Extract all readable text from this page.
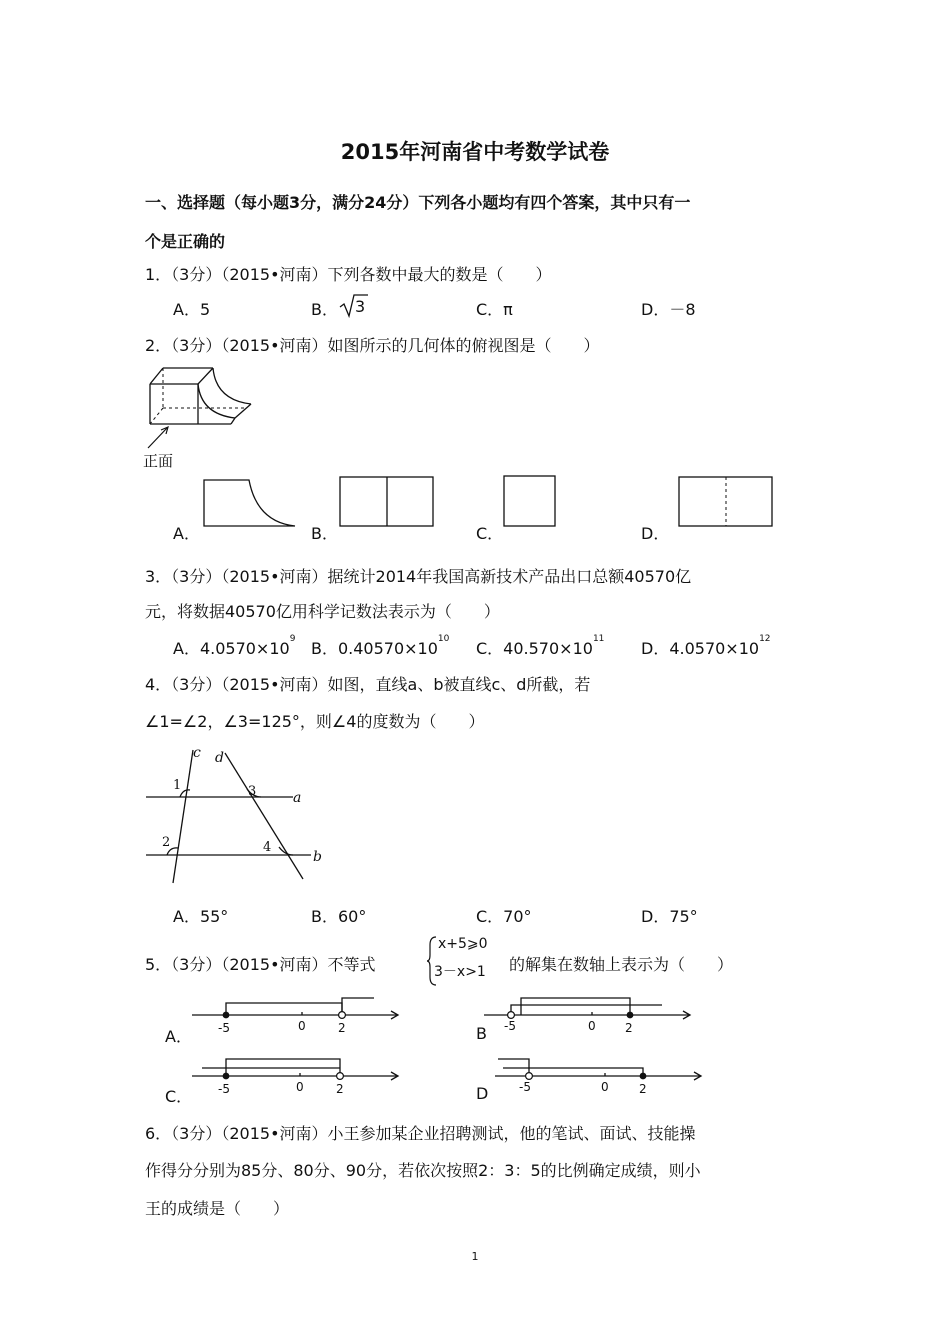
2015年河南省中考数学试卷
一、选择题（每小题3分，满分24分）下列各小题均有四个答案，其中只有一
个是正确的
1．（3分）（2015•河南）下列各数中最大的数是（　　）
A．5	B． 3	C．π	D．－8
2．（3分）（2015•河南）如图所示的几何体的俯视图是（　　）
正面
A．	B．	C．	D．
3．（3分）（2015•河南）据统计2014年我国高新技术产品出口总额40570亿
元，将数据40570亿用科学记数法表示为（　　）
A．$4.0570\times 10^9$ B．$0.40570\times 10^{10}$ C．$40.570\times 10^{11}$ D．$4.0570\times 10^{12}$
4．（3分）（2015•河南）如图，直线a、b被直线c、d所截，若
∠1=∠2，∠3=125°，则∠4的度数为（　　）
c d
a
b
1
2
3
4
A．55°	B．60°	C．70°	D．75°
5．（3分）（2015•河南）不等式
x+5⩾0
3－x>1 的解集在数轴上表示为（　　）
A． -5	0	2	B -5	0 2
C． -5	0	2	D	-5	0	2
6．（3分）（2015•河南）小王参加某企业招聘测试，他的笔试、面试、技能操
作得分分别为85分、80分、90分，若依次按照2：3：5的比例确定成绩，则小
王的成绩是（　　）
1
